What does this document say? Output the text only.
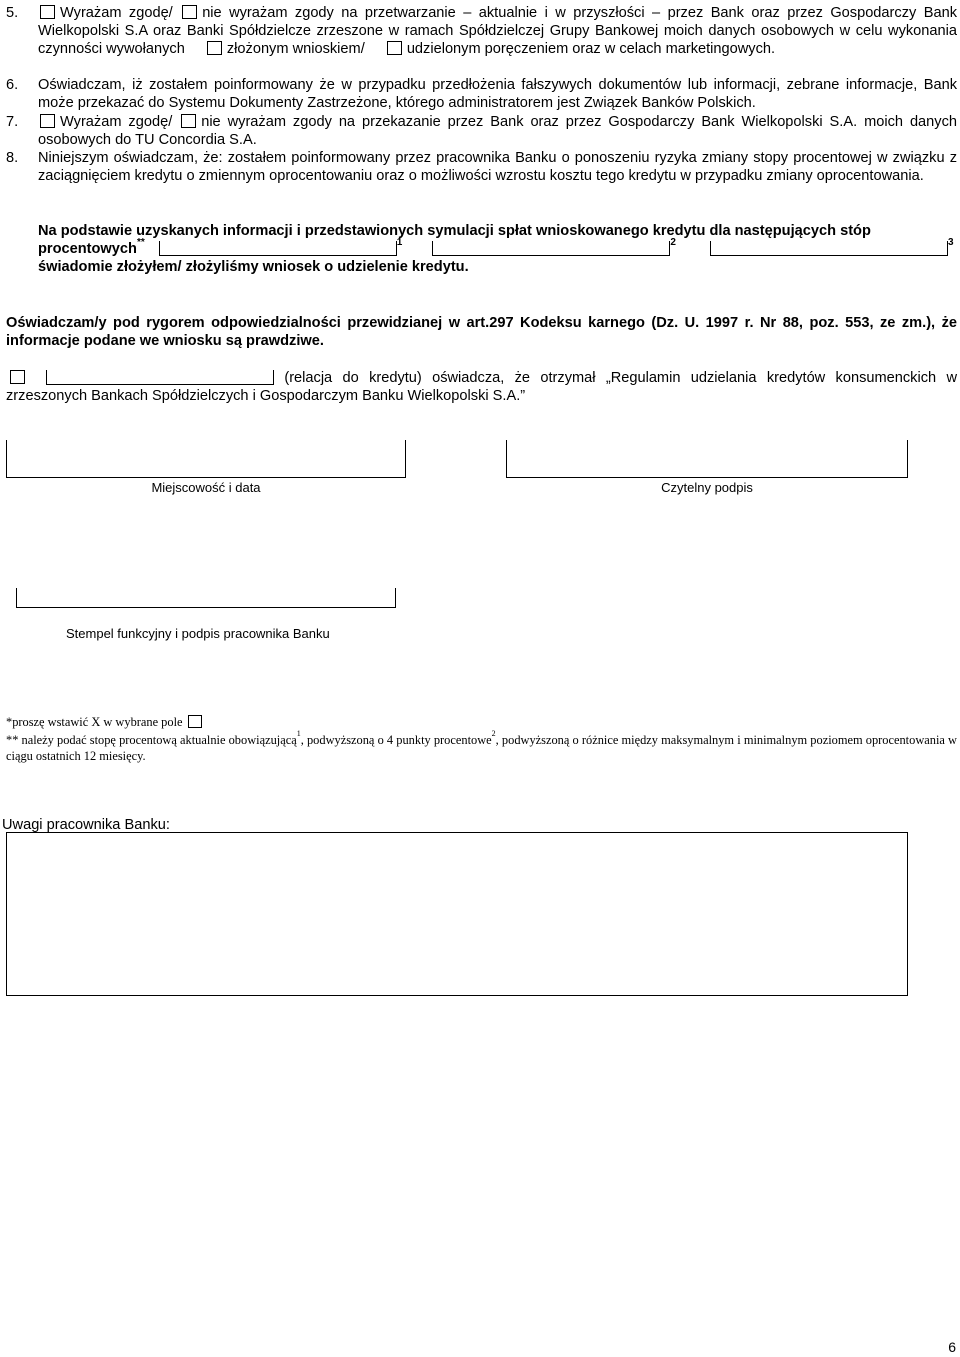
5.	Wyrażam zgodę/ nie wyrażam zgody na przetwarzanie – aktualnie i w przyszłości – przez Bank oraz przez Gospodarczy Bank Wielkopolski S.A oraz Banki Spółdzielcze zrzeszone w ramach Spółdzielczej Grupy Bankowej moich danych osobowych w celu wykonania czynności wywołanych	złożonym wnioskiem/	udzielonym poręczeniem oraz w celach marketingowych.
6.	Oświadczam, iż zostałem poinformowany że w przypadku przedłożenia fałszywych dokumentów lub informacji, zebrane informacje, Bank może przekazać do Systemu Dokumenty Zastrzeżone, którego administratorem jest Związek Banków Polskich.
7.	Wyrażam zgodę/ nie wyrażam zgody na przekazanie przez Bank oraz przez Gospodarczy Bank Wielkopolski S.A. moich danych osobowych do TU Concordia S.A.
8.	Niniejszym oświadczam, że: zostałem poinformowany przez pracownika Banku o ponoszeniu ryzyka zmiany stopy procentowej w związku z zaciągnięciem kredytu o zmiennym oprocentowaniu oraz o możliwości wzrostu kosztu tego kredytu w przypadku zmiany oprocentowania.
Na podstawie uzyskanych informacji i przedstawionych symulacji spłat wnioskowanego kredytu dla następujących stóp
procentowych**	$^1$	$^2$	$^3$
świadomie złożyłem/ złożyliśmy wniosek o udzielenie kredytu.
Oświadczam/y pod rygorem odpowiedzialności przewidzianej w art.297 Kodeksu karnego (Dz. U. 1997 r. Nr 88, poz. 553, ze zm.), że informacje podane we wniosku są prawdziwe.
(relacja do kredytu) oświadcza, że otrzymał „Regulamin udzielania kredytów konsumenckich w zrzeszonych Bankach Spółdzielczych i Gospodarczym Banku Wielkopolski S.A.”
Miejscowość i data	Czytelny podpis
Stempel funkcyjny i podpis pracownika Banku
*proszę wstawić X w wybrane pole
** należy podać stopę procentową aktualnie obowiązującą$^1$, podwyższoną o 4 punkty procentowe$^2$, podwyższoną o różnice między maksymalnym i minimalnym poziomem oprocentowania w ciągu ostatnich 12 miesięcy.
Uwagi pracownika Banku:
6
